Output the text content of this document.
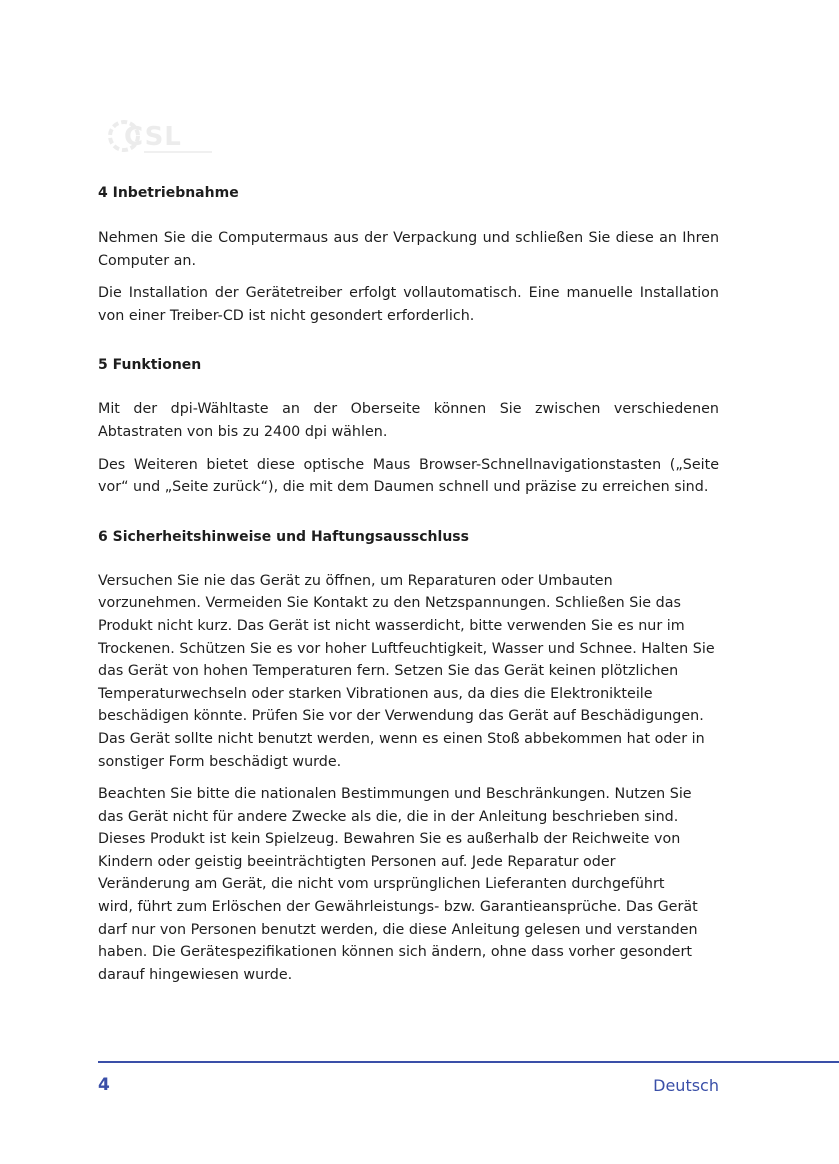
CSL
4 Inbetriebnahme

Nehmen Sie die Computermaus aus der Verpackung und schließen Sie diese an Ihren Computer an.

Die Installation der Gerätetreiber erfolgt vollautomatisch. Eine manuelle Installation von einer Treiber-CD ist nicht gesondert erforderlich.

5 Funktionen

Mit der dpi-Wähltaste an der Oberseite können Sie zwischen verschiedenen Abtastraten von bis zu 2400 dpi wählen.

Des Weiteren bietet diese optische Maus Browser-Schnellnavigationstasten („Seite vor“ und „Seite zurück“), die mit dem Daumen schnell und präzise zu erreichen sind.

6 Sicherheitshinweise und Haftungsausschluss

Versuchen Sie nie das Gerät zu öffnen, um Reparaturen oder Umbauten vorzunehmen. Vermeiden Sie Kontakt zu den Netzspannungen. Schließen Sie das Produkt nicht kurz. Das Gerät ist nicht wasserdicht, bitte verwenden Sie es nur im Trockenen. Schützen Sie es vor hoher Luftfeuchtigkeit, Wasser und Schnee. Halten Sie das Gerät von hohen Temperaturen fern. Setzen Sie das Gerät keinen plötzlichen Temperaturwechseln oder starken Vibrationen aus, da dies die Elektronikteile beschädigen könnte. Prüfen Sie vor der Verwendung das Gerät auf Beschädigungen. Das Gerät sollte nicht benutzt werden, wenn es einen Stoß abbekommen hat oder in sonstiger Form beschädigt wurde.

Beachten Sie bitte die nationalen Bestimmungen und Beschränkungen. Nutzen Sie das Gerät nicht für andere Zwecke als die, die in der Anleitung beschrieben sind. Dieses Produkt ist kein Spielzeug. Bewahren Sie es außerhalb der Reichweite von Kindern oder geistig beeinträchtigten Personen auf. Jede Reparatur oder Veränderung am Gerät, die nicht vom ursprünglichen Lieferanten durchgeführt wird, führt zum Erlöschen der Gewährleistungs- bzw. Garantieansprüche. Das Gerät darf nur von Personen benutzt werden, die diese Anleitung gelesen und verstanden haben. Die Gerätespezifikationen können sich ändern, ohne dass vorher gesondert darauf hingewiesen wurde.

4	Deutsch
